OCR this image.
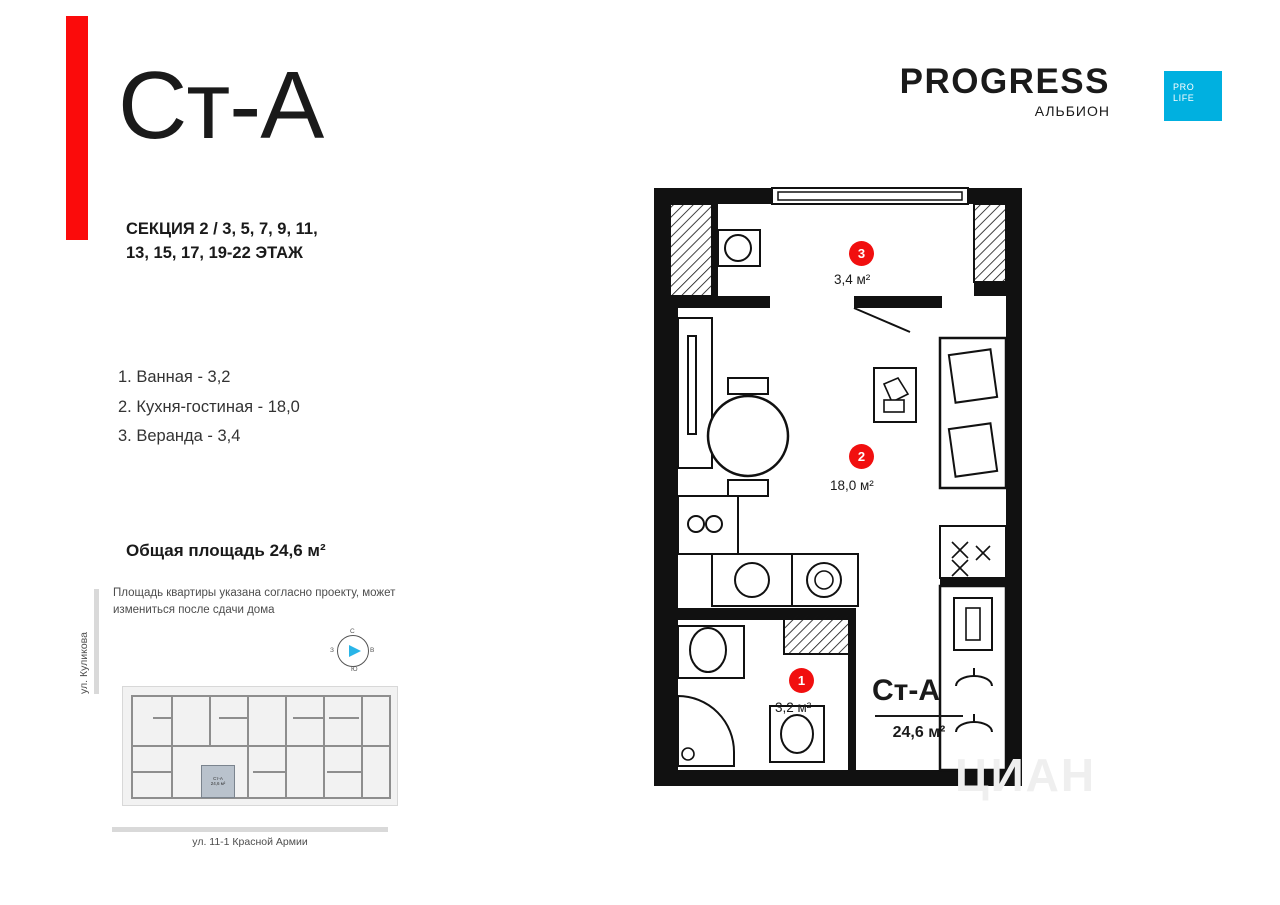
Ст-А
СЕКЦИЯ 2 / 3, 5, 7, 9, 11,
13, 15, 17, 19-22 ЭТАЖ
1. Ванная - 3,2
2. Кухня-гостиная - 18,0
3. Веранда - 3,4
Общая площадь 24,6 м²
Площадь квартиры указана согласно проекту, может измениться после сдачи дома
С
Ю
З	В
Ст-А
24,6 м²
ул. Куликова
ул. 11-1 Красной Армии
PROGRESS
АЛЬБИОН
PRO
LIFE
3
3,4 м²
2
18,0 м²
1
3,2 м²
Ст-А
24,6 м²
ЦИАН
